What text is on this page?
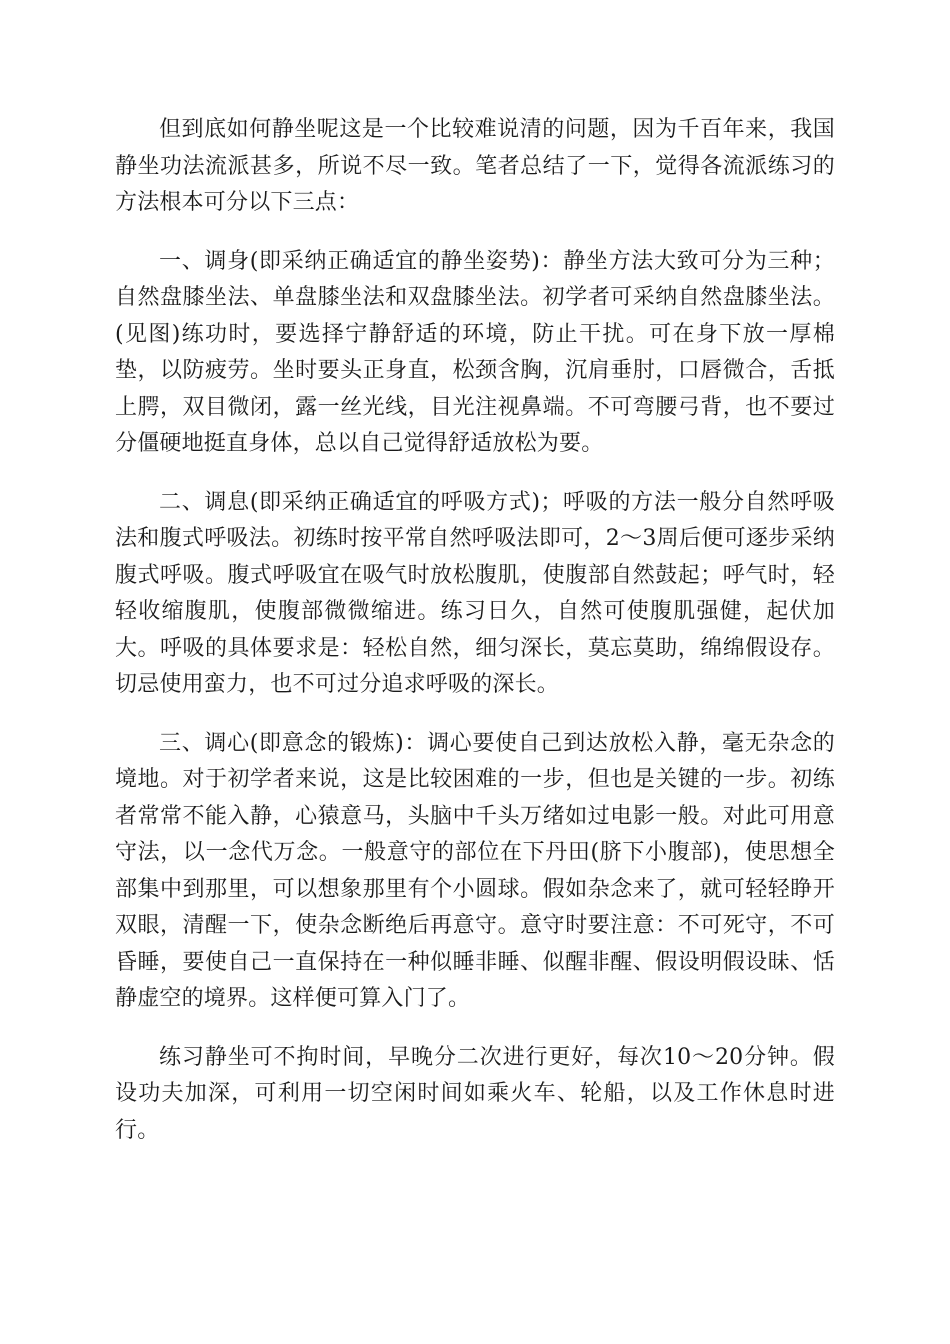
但到底如何静坐呢这是一个比较难说清的问题，因为千百年来，我国静坐功法流派甚多，所说不尽一致。笔者总结了一下，觉得各流派练习的方法根本可分以下三点：

一、调身(即采纳正确适宜的静坐姿势)：静坐方法大致可分为三种；自然盘膝坐法、单盘膝坐法和双盘膝坐法。初学者可采纳自然盘膝坐法。(见图)练功时，要选择宁静舒适的环境，防止干扰。可在身下放一厚棉垫，以防疲劳。坐时要头正身直，松颈含胸，沉肩垂肘，口唇微合，舌抵上腭，双目微闭，露一丝光线，目光注视鼻端。不可弯腰弓背，也不要过分僵硬地挺直身体，总以自己觉得舒适放松为要。

二、调息(即采纳正确适宜的呼吸方式)；呼吸的方法一般分自然呼吸法和腹式呼吸法。初练时按平常自然呼吸法即可，2～3周后便可逐步采纳腹式呼吸。腹式呼吸宜在吸气时放松腹肌，使腹部自然鼓起；呼气时，轻轻收缩腹肌，使腹部微微缩进。练习日久，自然可使腹肌强健，起伏加大。呼吸的具体要求是：轻松自然，细匀深长，莫忘莫助，绵绵假设存。切忌使用蛮力，也不可过分追求呼吸的深长。

三、调心(即意念的锻炼)：调心要使自己到达放松入静，毫无杂念的境地。对于初学者来说，这是比较困难的一步，但也是关键的一步。初练者常常不能入静，心猿意马，头脑中千头万绪如过电影一般。对此可用意守法，以一念代万念。一般意守的部位在下丹田(脐下小腹部)，使思想全部集中到那里，可以想象那里有个小圆球。假如杂念来了，就可轻轻睁开双眼，清醒一下，使杂念断绝后再意守。意守时要注意：不可死守，不可昏睡，要使自己一直保持在一种似睡非睡、似醒非醒、假设明假设昧、恬静虚空的境界。这样便可算入门了。

练习静坐可不拘时间，早晚分二次进行更好，每次10～20分钟。假设功夫加深，可利用一切空闲时间如乘火车、轮船，以及工作休息时进行。
